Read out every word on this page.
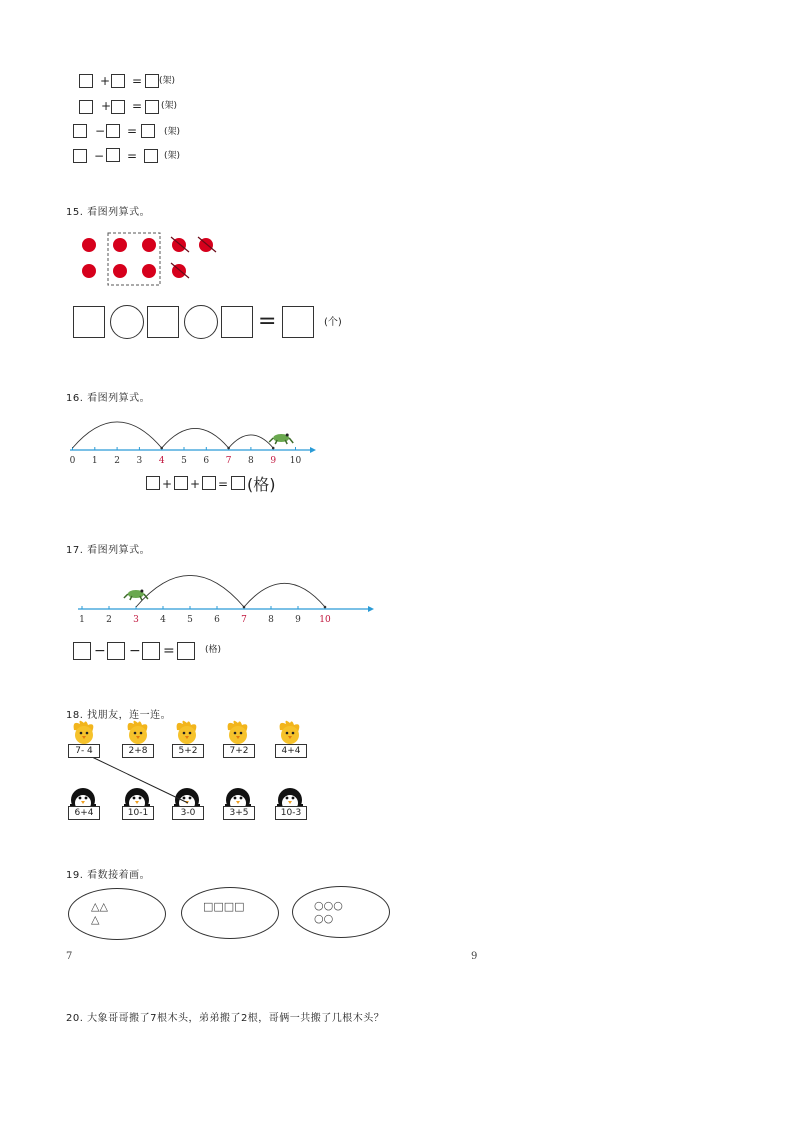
+ = (架)
+ = (架)
− =	(架)
− =	(架)
15. 看图列算式。
=	(个)
16. 看图列算式。
0 1 2 3 4 5 6 7 8 9 10
+ + = (格)
17. 看图列算式。
1 2 3 4 5 6 7 8 9 10
− − =	(格)
18. 找朋友，连一连。
7- 4	2+8	5+2	7+2	4+4
6+4	10-1	3-0	3+5	10-3
19. 看数接着画。
△△
△
□□□□	○○○
○○
7	9
20. 大象哥哥搬了7根木头，弟弟搬了2根，哥俩一共搬了几根木头？
